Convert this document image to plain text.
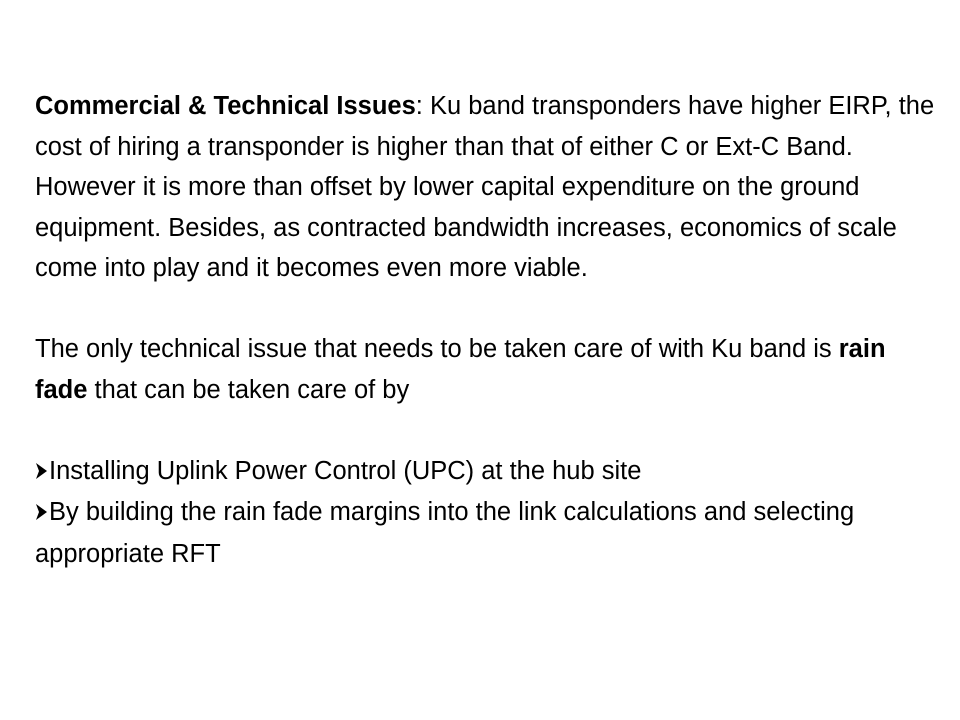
Commercial & Technical Issues: Ku band transponders have higher EIRP, the cost of hiring a transponder is higher than that of either C or Ext-C Band. However it is more than offset by lower capital expenditure on the ground equipment. Besides, as contracted bandwidth increases, economics of scale come into play and it becomes even more viable.

The only technical issue that needs to be taken care of with Ku band is rain fade that can be taken care of by

Installing Uplink Power Control (UPC) at the hub site

By building the rain fade margins into the link calculations and selecting appropriate RFT
